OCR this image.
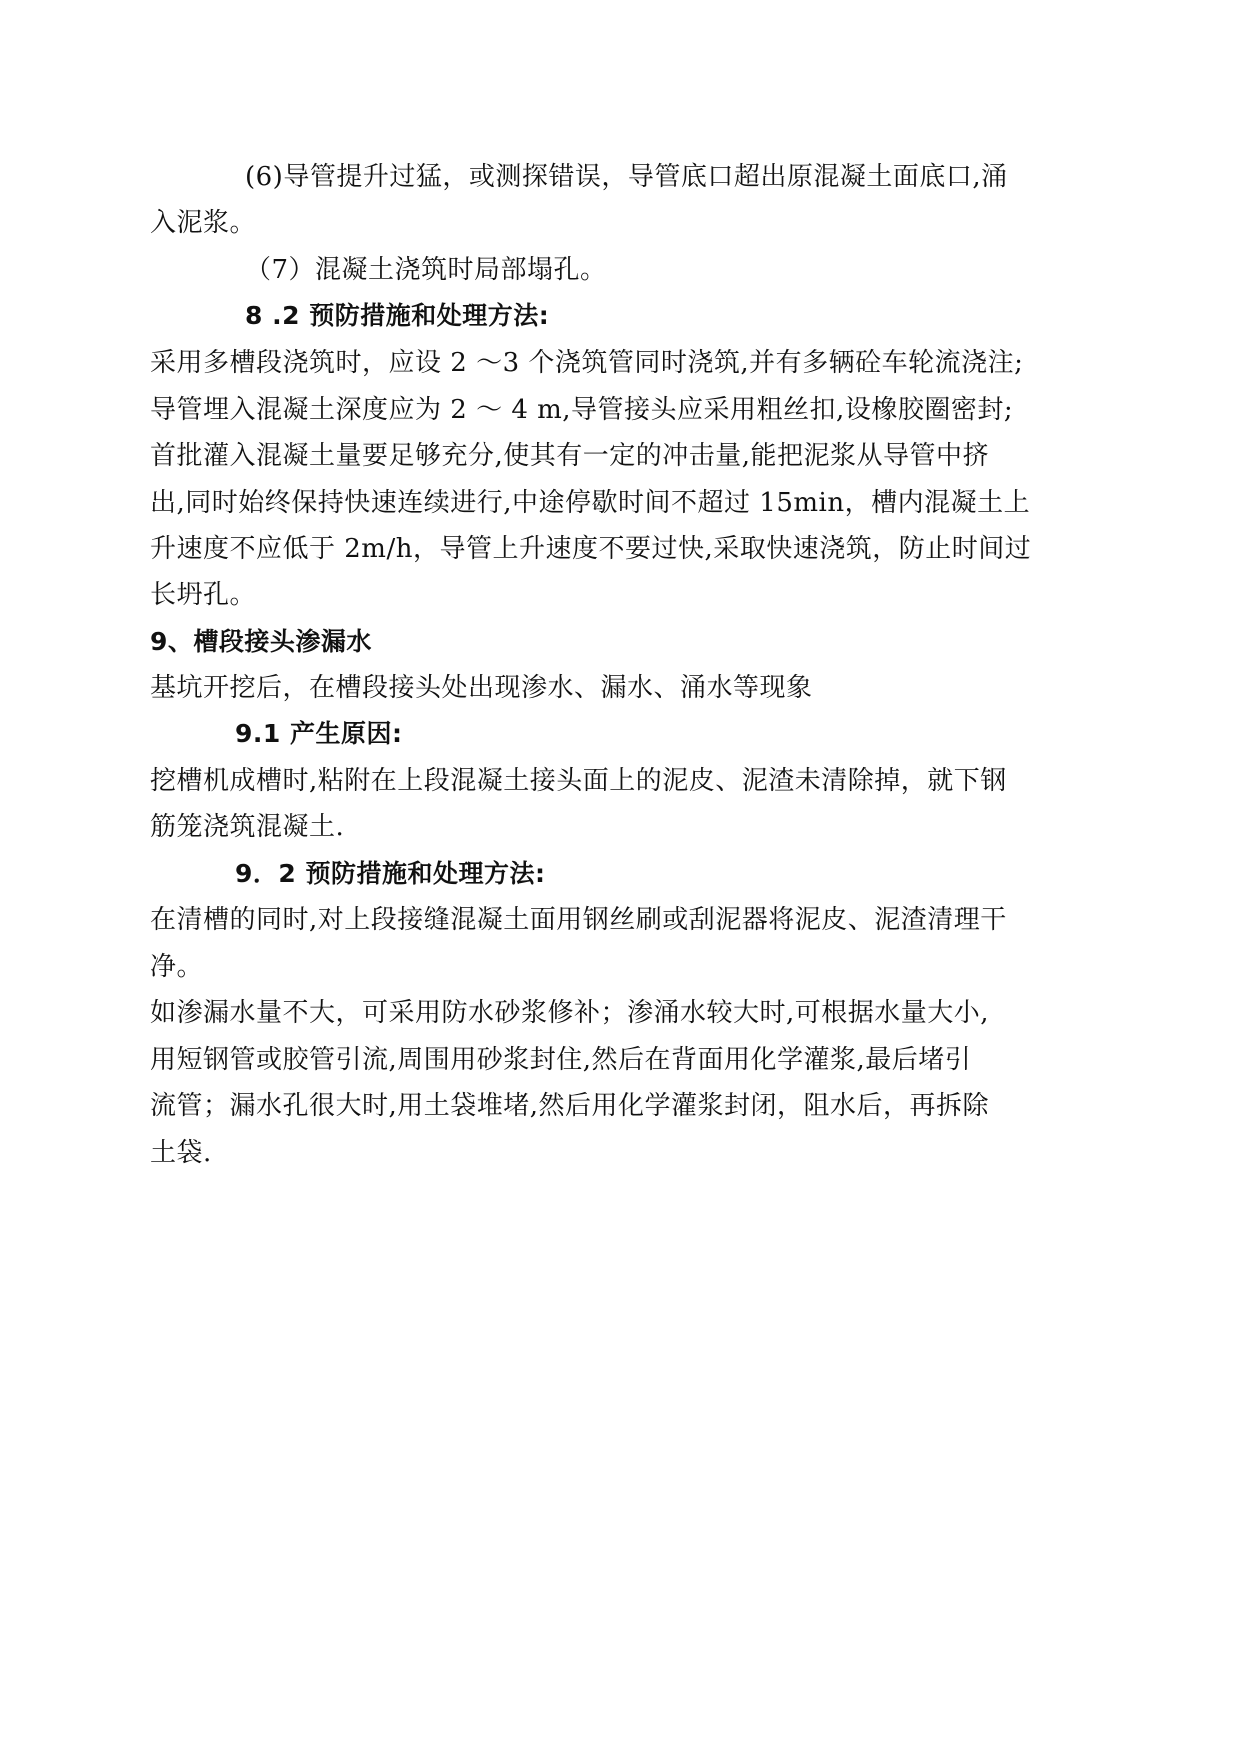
(6)导管提升过猛，或测探错误，导管底口超出原混凝土面底口,涌
入泥浆。
（7）混凝土浇筑时局部塌孔。
8 .2 预防措施和处理方法:
采用多槽段浇筑时，应设 2 ～3 个浇筑管同时浇筑,并有多辆砼车轮流浇注;
导管埋入混凝土深度应为 2 ～ 4 m,导管接头应采用粗丝扣,设橡胶圈密封;
首批灌入混凝土量要足够充分,使其有一定的冲击量,能把泥浆从导管中挤
出,同时始终保持快速连续进行,中途停歇时间不超过 15min，槽内混凝土上
升速度不应低于 2m/h，导管上升速度不要过快,采取快速浇筑，防止时间过
长坍孔。
9、槽段接头渗漏水
基坑开挖后，在槽段接头处出现渗水、漏水、涌水等现象
9.1 产生原因:
挖槽机成槽时,粘附在上段混凝土接头面上的泥皮、泥渣未清除掉，就下钢
筋笼浇筑混凝土.
9．2 预防措施和处理方法:
在清槽的同时,对上段接缝混凝土面用钢丝刷或刮泥器将泥皮、泥渣清理干
净。
如渗漏水量不大，可采用防水砂浆修补；渗涌水较大时,可根据水量大小,
用短钢管或胶管引流,周围用砂浆封住,然后在背面用化学灌浆,最后堵引
流管；漏水孔很大时,用土袋堆堵,然后用化学灌浆封闭，阻水后，再拆除
土袋.
